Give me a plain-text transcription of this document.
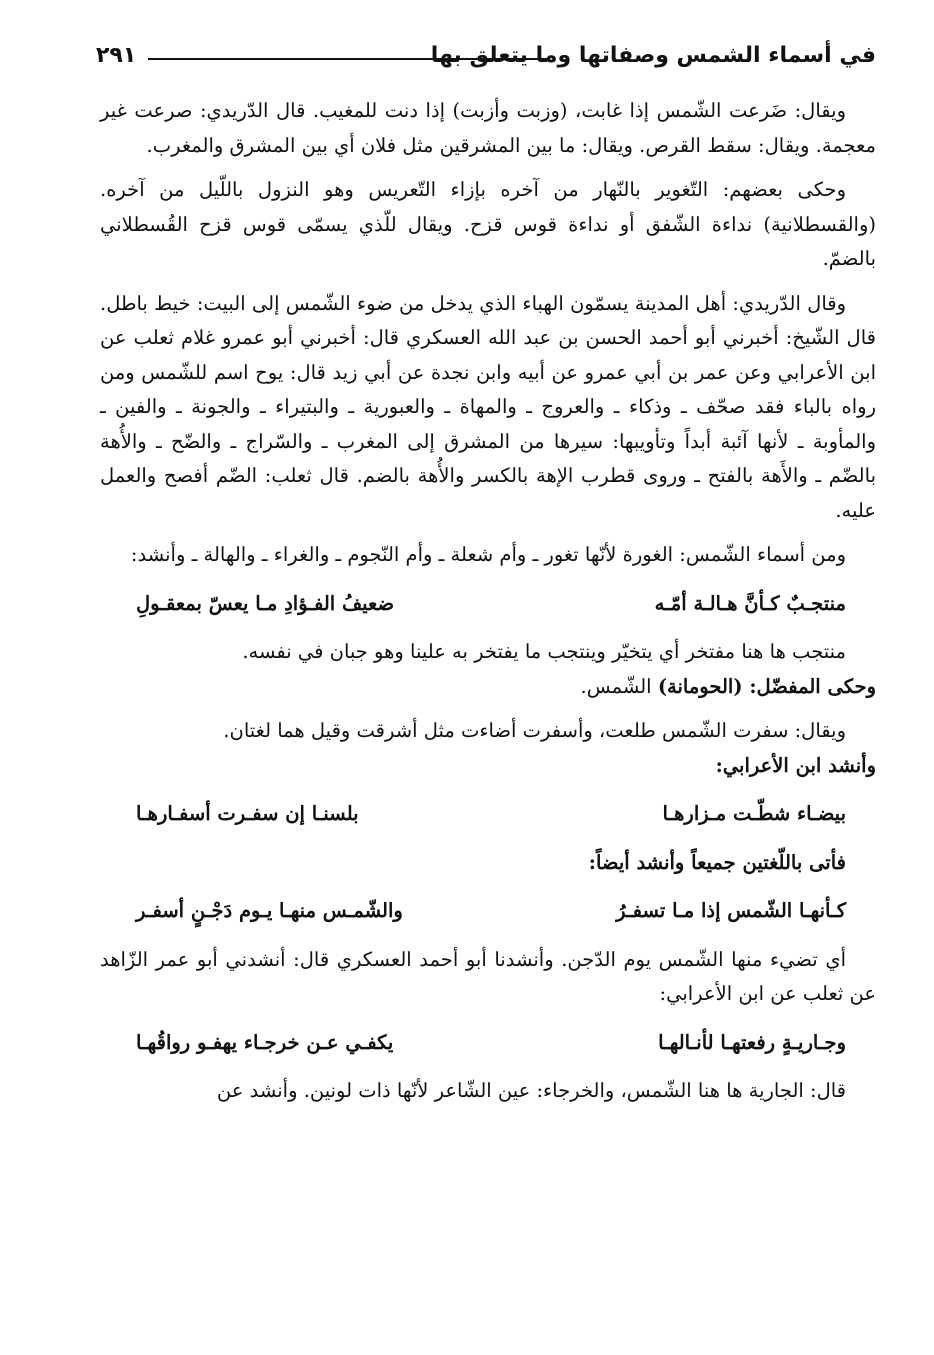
في أسماء الشمس وصفاتها وما يتعلق بها
٢٩١

ويقال: ضَرعت الشّمس إذا غابت، (وزبت وأزبت) إذا دنت للمغيب. قال الدّريدي: صرعت غير معجمة. ويقال: سقط القرص. ويقال: ما بين المشرقين مثل فلان أي بين المشرق والمغرب.

وحكى بعضهم: التّغوير بالنّهار من آخره بإزاء التّعريس وهو النزول باللّيل من آخره. (والقسطلانية) نداءة الشّفق أو نداءة قوس قزح. ويقال للّذي يسمّى قوس قزح القُسطلاني بالضمّ.

وقال الدّريدي: أهل المدينة يسمّون الهباء الذي يدخل من ضوء الشّمس إلى البيت: خيط باطل. قال الشّيخ: أخبرني أبو أحمد الحسن بن عبد الله العسكري قال: أخبرني أبو عمرو غلام ثعلب عن ابن الأعرابي وعن عمر بن أبي عمرو عن أبيه وابن نجدة عن أبي زيد قال: يوح اسم للشّمس ومن رواه بالباء فقد صحّف ـ وذكاء ـ والعروج ـ والمهاة ـ والعبورية ـ والبتيراء ـ والجونة ـ والفين ـ والمأوبة ـ لأنها آئبة أبداً وتأويبها: سيرها من المشرق إلى المغرب ـ والسّراج ـ والضّح ـ والأُهة بالضّم ـ والأَهة بالفتح ـ وروى قطرب الإهة بالكسر والأُهة بالضم. قال ثعلب: الضّم أفصح والعمل عليه.

ومن أسماء الشّمس: الغورة لأنّها تغور ـ وأم شعلة ـ وأم النّجوم ـ والغراء ـ والهالة ـ وأنشد:

منتجـبٌ كـأنَّ هـالـة أمّـه
ضعيفُ الفـؤادِ مـا يعسّ بمعقـولِ

منتجب ها هنا مفتخر أي يتخيّر وينتجب ما يفتخر به علينا وهو جبان في نفسه.

وحكى المفضّل: (الحومانة) الشّمس.

ويقال: سفرت الشّمس طلعت، وأسفرت أضاءت مثل أشرقت وقيل هما لغتان.

وأنشد ابن الأعرابي:

بيضـاء شطّـت مـزارهـا
بلسنـا إن سفـرت أسفـارهـا

فأتى باللّغتين جميعاً وأنشد أيضاً:

كـأنهـا الشّمس إذا مـا تسفـرُ
والشّمـس منهـا يـوم دَجْـنٍ أسفـر

أي تضيء منها الشّمس يوم الدّجن. وأنشدنا أبو أحمد العسكري قال: أنشدني أبو عمر الزّاهد عن ثعلب عن ابن الأعرابي:

وجـاريـةٍ رفعتهـا لأنـالهـا
يكفـي عـن خرجـاء يهفـو رواقُهـا

قال: الجارية ها هنا الشّمس، والخرجاء: عين الشّاعر لأنّها ذات لونين. وأنشد عن
